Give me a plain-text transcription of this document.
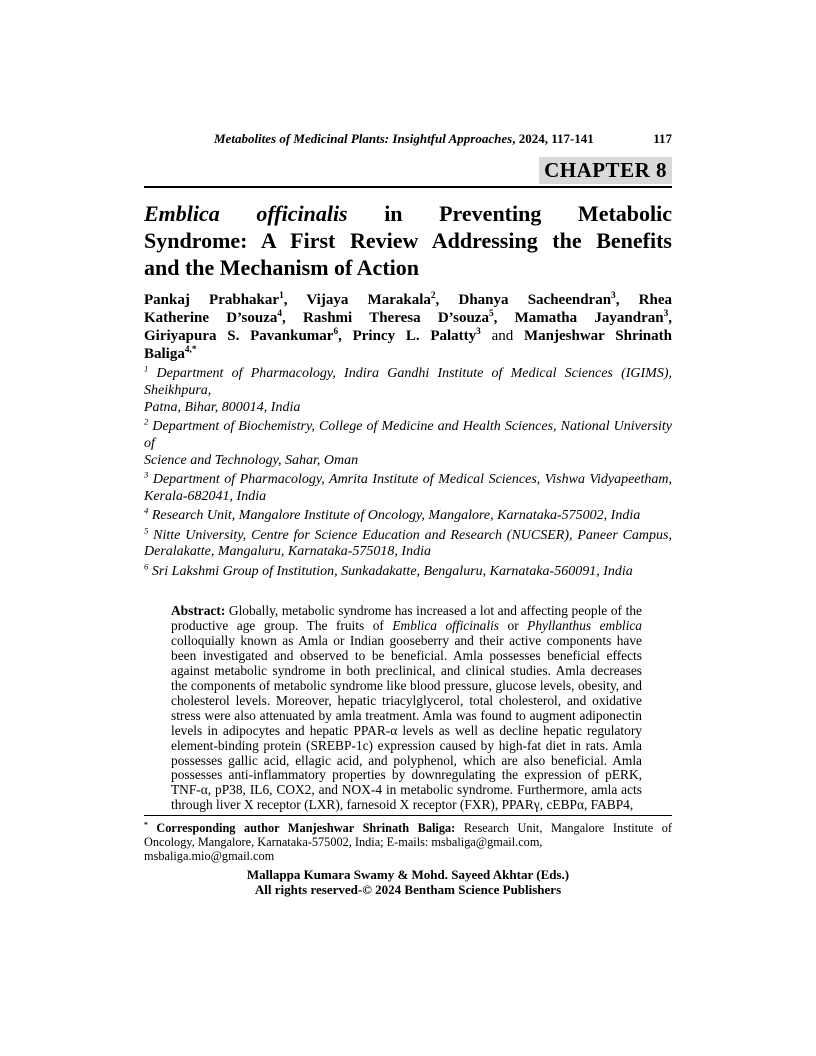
Metabolites of Medicinal Plants: Insightful Approaches , 2024, 117-141	117
CHAPTER 8
Emblica officinalis in Preventing Metabolic
Syndrome: A First Review Addressing the Benefits
and the Mechanism of Action
Pankaj Prabhakar$^1$, Vijaya Marakala$^2$, Dhanya Sacheendran$^3$, Rhea
Katherine D’souza$^4$, Rashmi Theresa D’souza$^5$, Mamatha Jayandran$^3$,
Giriyapura S. Pavankumar$^6$, Princy L. Palatty$^3$ and Manjeshwar Shrinath
Baliga$^{4,*}$
$^1$ Department of Pharmacology, Indira Gandhi Institute of Medical Sciences (IGIMS), Sheikhpura,
Patna, Bihar, 800014, India
$^2$ Department of Biochemistry, College of Medicine and Health Sciences, National University of
Science and Technology, Sahar, Oman
$^3$ Department of Pharmacology, Amrita Institute of Medical Sciences, Vishwa Vidyapeetham,
Kerala-682041, India
$^4$ Research Unit, Mangalore Institute of Oncology, Mangalore, Karnataka-575002, India
$^5$ Nitte University, Centre for Science Education and Research (NUCSER), Paneer Campus,
Deralakatte, Mangaluru, Karnataka-575018, India
$^6$ Sri Lakshmi Group of Institution, Sunkadakatte, Bengaluru, Karnataka-560091, India
Abstract: Globally, metabolic syndrome has increased a lot and affecting people of the
productive age group. The fruits of Emblica officinalis or Phyllanthus emblica
colloquially known as Amla or Indian gooseberry and their active components have
been investigated and observed to be beneficial. Amla possesses beneficial effects
against metabolic syndrome in both preclinical, and clinical studies. Amla decreases
the components of metabolic syndrome like blood pressure, glucose levels, obesity, and
cholesterol levels. Moreover, hepatic triacylglycerol, total cholesterol, and oxidative
stress were also attenuated by amla treatment. Amla was found to augment adiponectin
levels in adipocytes and hepatic PPAR-α levels as well as decline hepatic regulatory
element-binding protein (SREBP-1c) expression caused by high-fat diet in rats. Amla
possesses gallic acid, ellagic acid, and polyphenol, which are also beneficial. Amla
possesses anti-inflammatory properties by downregulating the expression of pERK,
TNF-α, pP38, IL6, COX2, and NOX-4 in metabolic syndrome. Furthermore, amla acts
through liver X receptor (LXR), farnesoid X receptor (FXR), PPARγ, cEBPα, FABP4,
* Corresponding author Manjeshwar Shrinath Baliga: Research Unit, Mangalore Institute of
Oncology, Mangalore, Karnataka-575002, India; E-mails: msbaliga@gmail.com,
msbaliga.mio@gmail.com
Mallappa Kumara Swamy & Mohd. Sayeed Akhtar (Eds.)
All rights reserved-© 2024 Bentham Science Publishers
